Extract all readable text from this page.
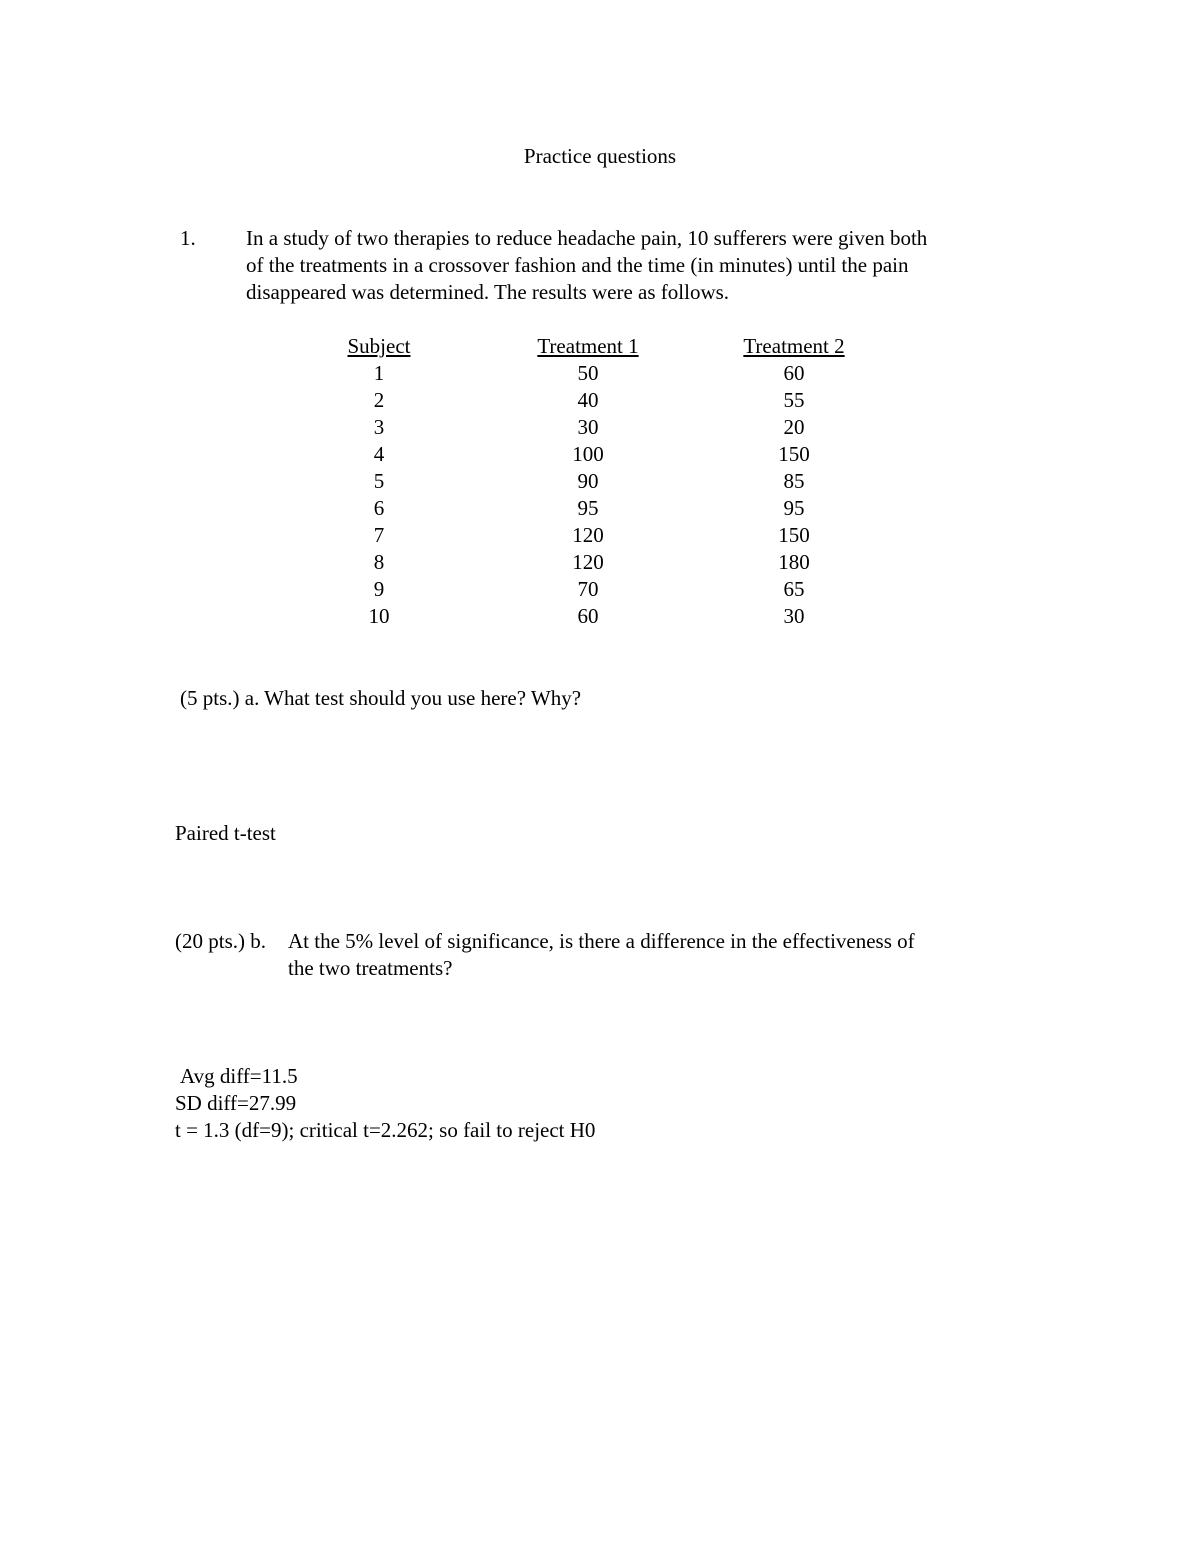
Practice questions
1. In a study of two therapies to reduce headache pain, 10 sufferers were given both
of the treatments in a crossover fashion and the time (in minutes) until the pain
disappeared was determined. The results were as follows.
Subject	Treatment 1	Treatment 2
1	50	60
2	40	55
3	30	20
4	100	150
5	90	85
6	95	95
7	120	150
8	120	180
9	70	65
10	60	30
(5 pts.) a. What test should you use here? Why?
Paired t-test
(20 pts.) b. At the 5% level of significance, is there a difference in the effectiveness of
the two treatments?
Avg diff=11.5
SD diff=27.99
t = 1.3 (df=9); critical t=2.262; so fail to reject H0
